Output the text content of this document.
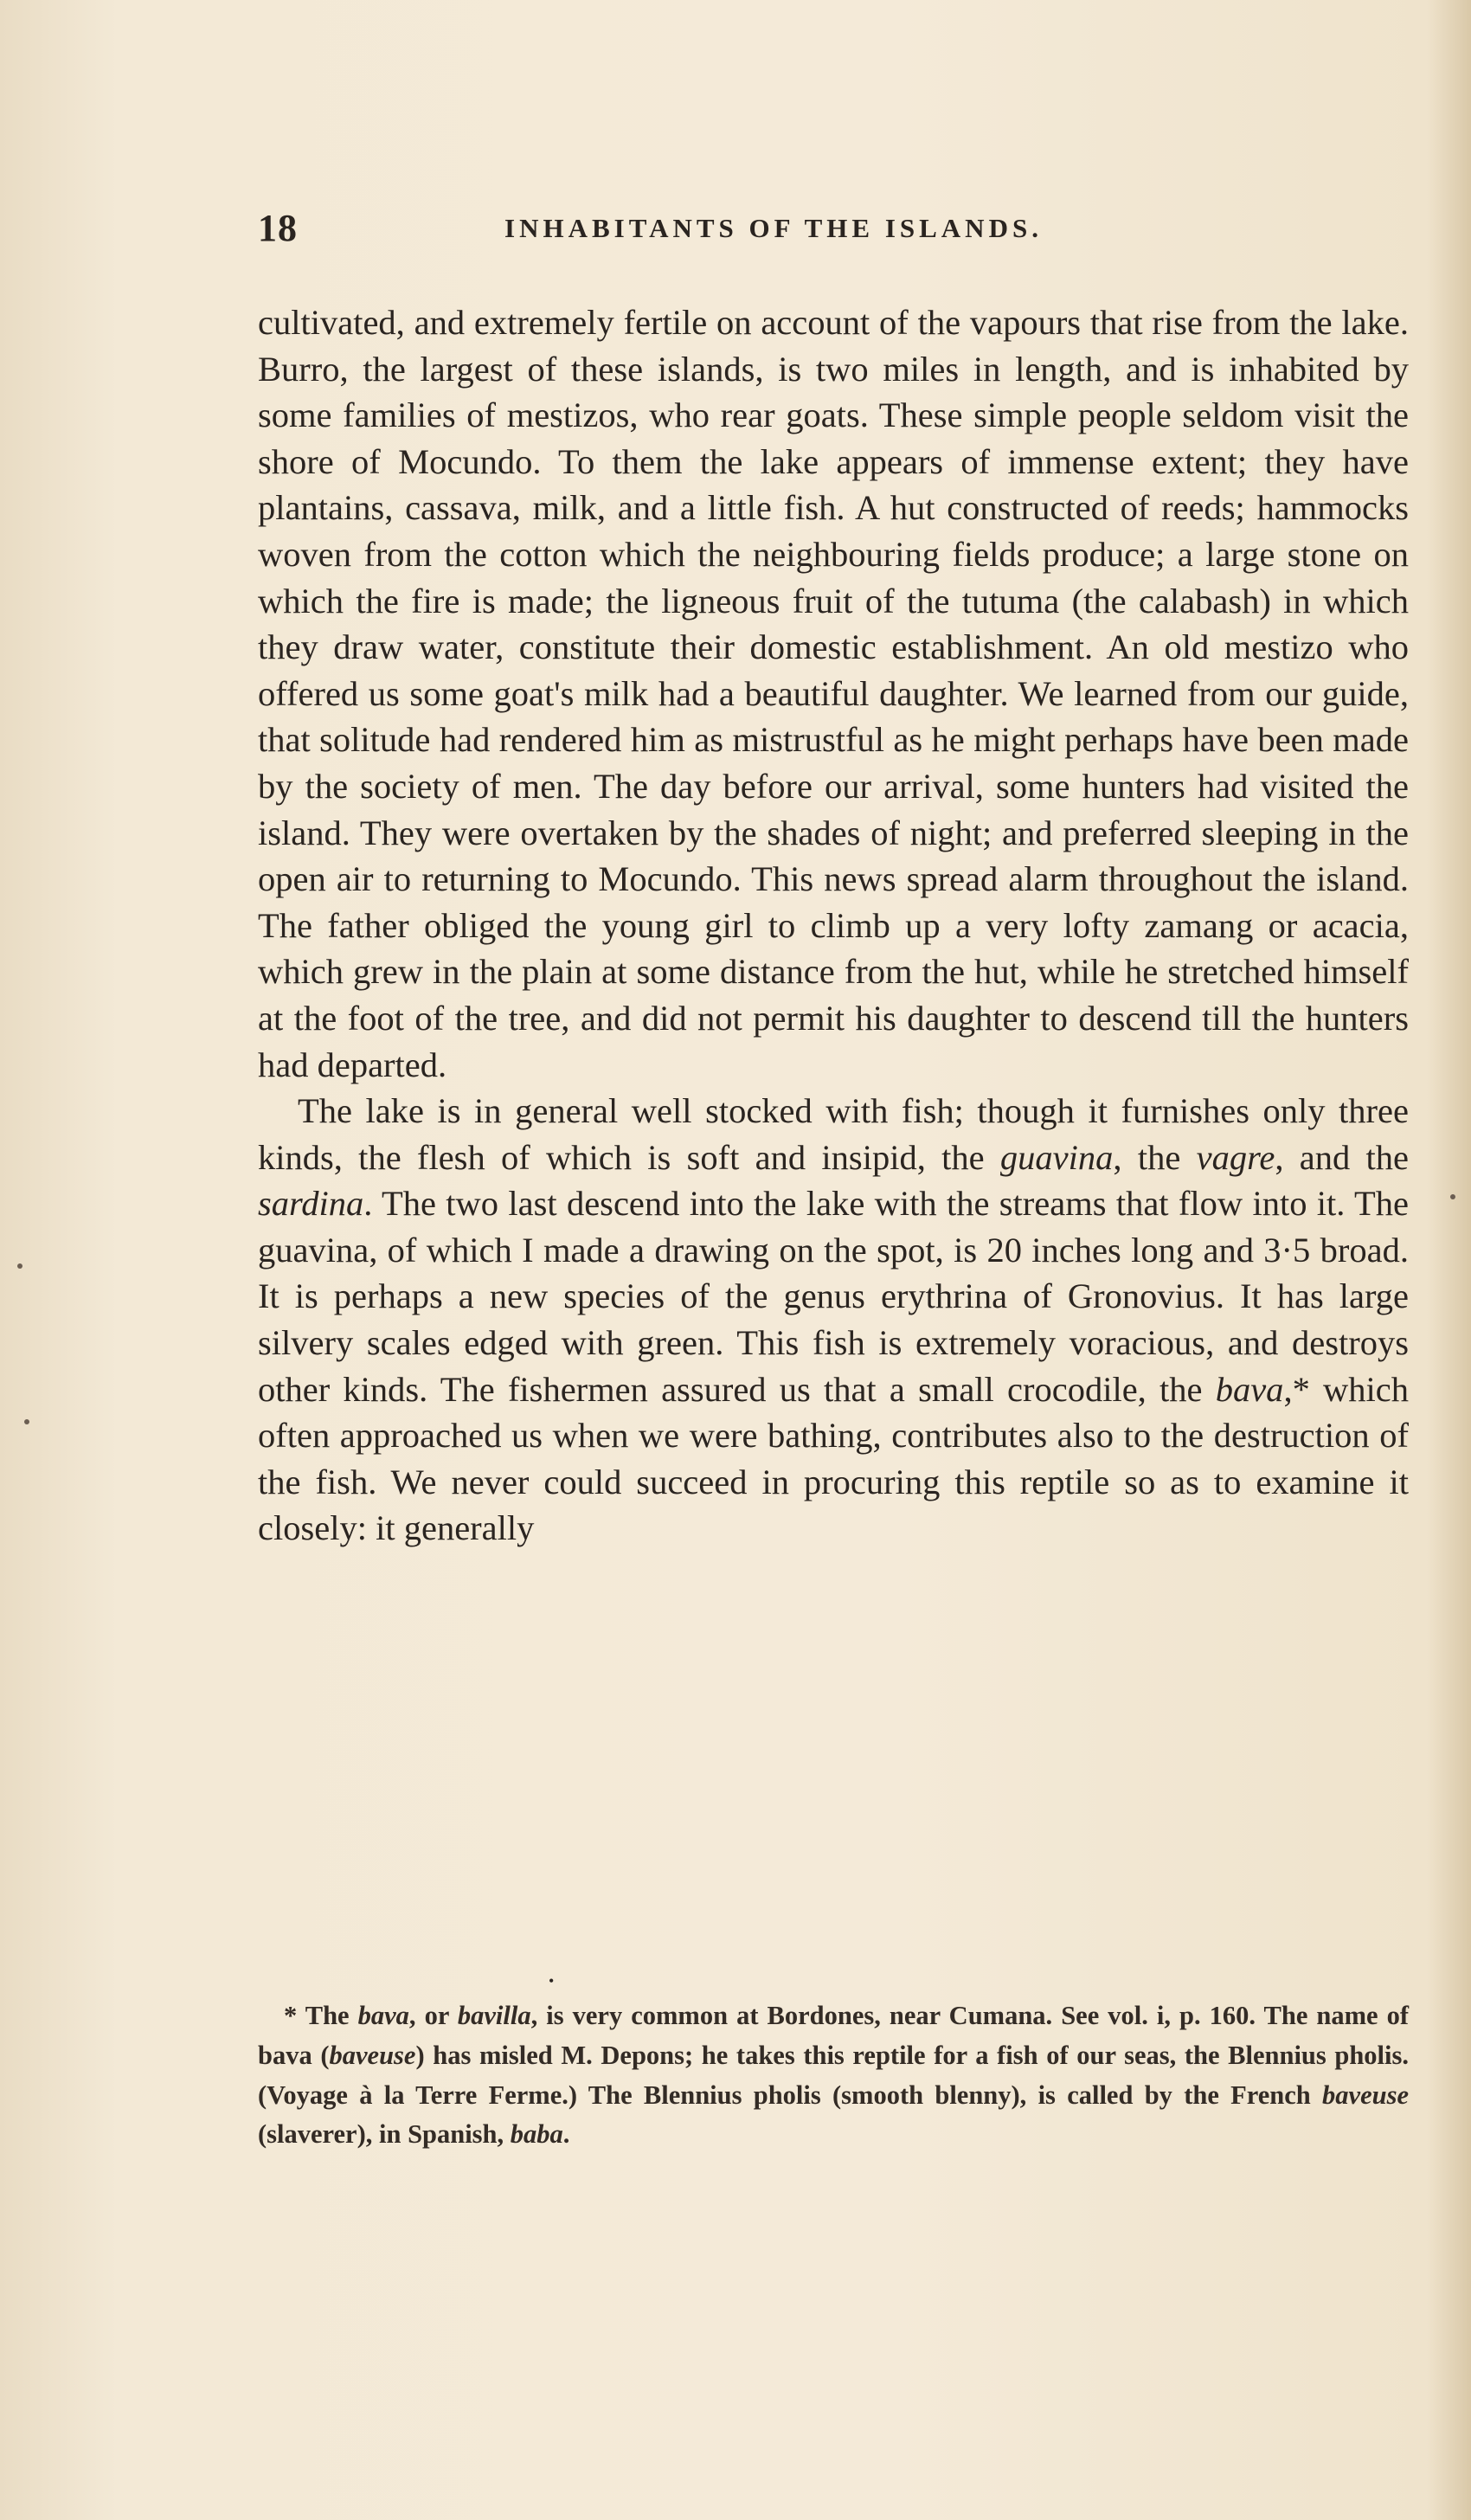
18	INHABITANTS OF THE ISLANDS.

cultivated, and extremely fertile on account of the vapours that rise from the lake. Burro, the largest of these islands, is two miles in length, and is inhabited by some families of mestizos, who rear goats. These simple people seldom visit the shore of Mocundo. To them the lake appears of immense extent; they have plantains, cassava, milk, and a little fish. A hut constructed of reeds; hammocks woven from the cotton which the neighbouring fields produce; a large stone on which the fire is made; the ligneous fruit of the tutuma (the calabash) in which they draw water, constitute their domestic establishment. An old mestizo who offered us some goat's milk had a beautiful daughter. We learned from our guide, that solitude had rendered him as mistrustful as he might perhaps have been made by the society of men. The day before our arrival, some hunters had visited the island. They were overtaken by the shades of night; and preferred sleeping in the open air to returning to Mocundo. This news spread alarm throughout the island. The father obliged the young girl to climb up a very lofty zamang or acacia, which grew in the plain at some distance from the hut, while he stretched himself at the foot of the tree, and did not permit his daughter to descend till the hunters had departed.

The lake is in general well stocked with fish; though it furnishes only three kinds, the flesh of which is soft and insipid, the guavina, the vagre, and the sardina. The two last descend into the lake with the streams that flow into it. The guavina, of which I made a drawing on the spot, is 20 inches long and 3·5 broad. It is perhaps a new species of the genus erythrina of Gronovius. It has large silvery scales edged with green. This fish is extremely voracious, and destroys other kinds. The fishermen assured us that a small crocodile, the bava,* which often approached us when we were bathing, contributes also to the destruction of the fish. We never could succeed in procuring this reptile so as to examine it closely: it generally

•
* The bava, or bavilla, is very common at Bordones, near Cumana. See vol. i, p. 160. The name of bava (baveuse) has misled M. Depons; he takes this reptile for a fish of our seas, the Blennius pholis. (Voyage à la Terre Ferme.) The Blennius pholis (smooth blenny), is called by the French baveuse (slaverer), in Spanish, baba.
